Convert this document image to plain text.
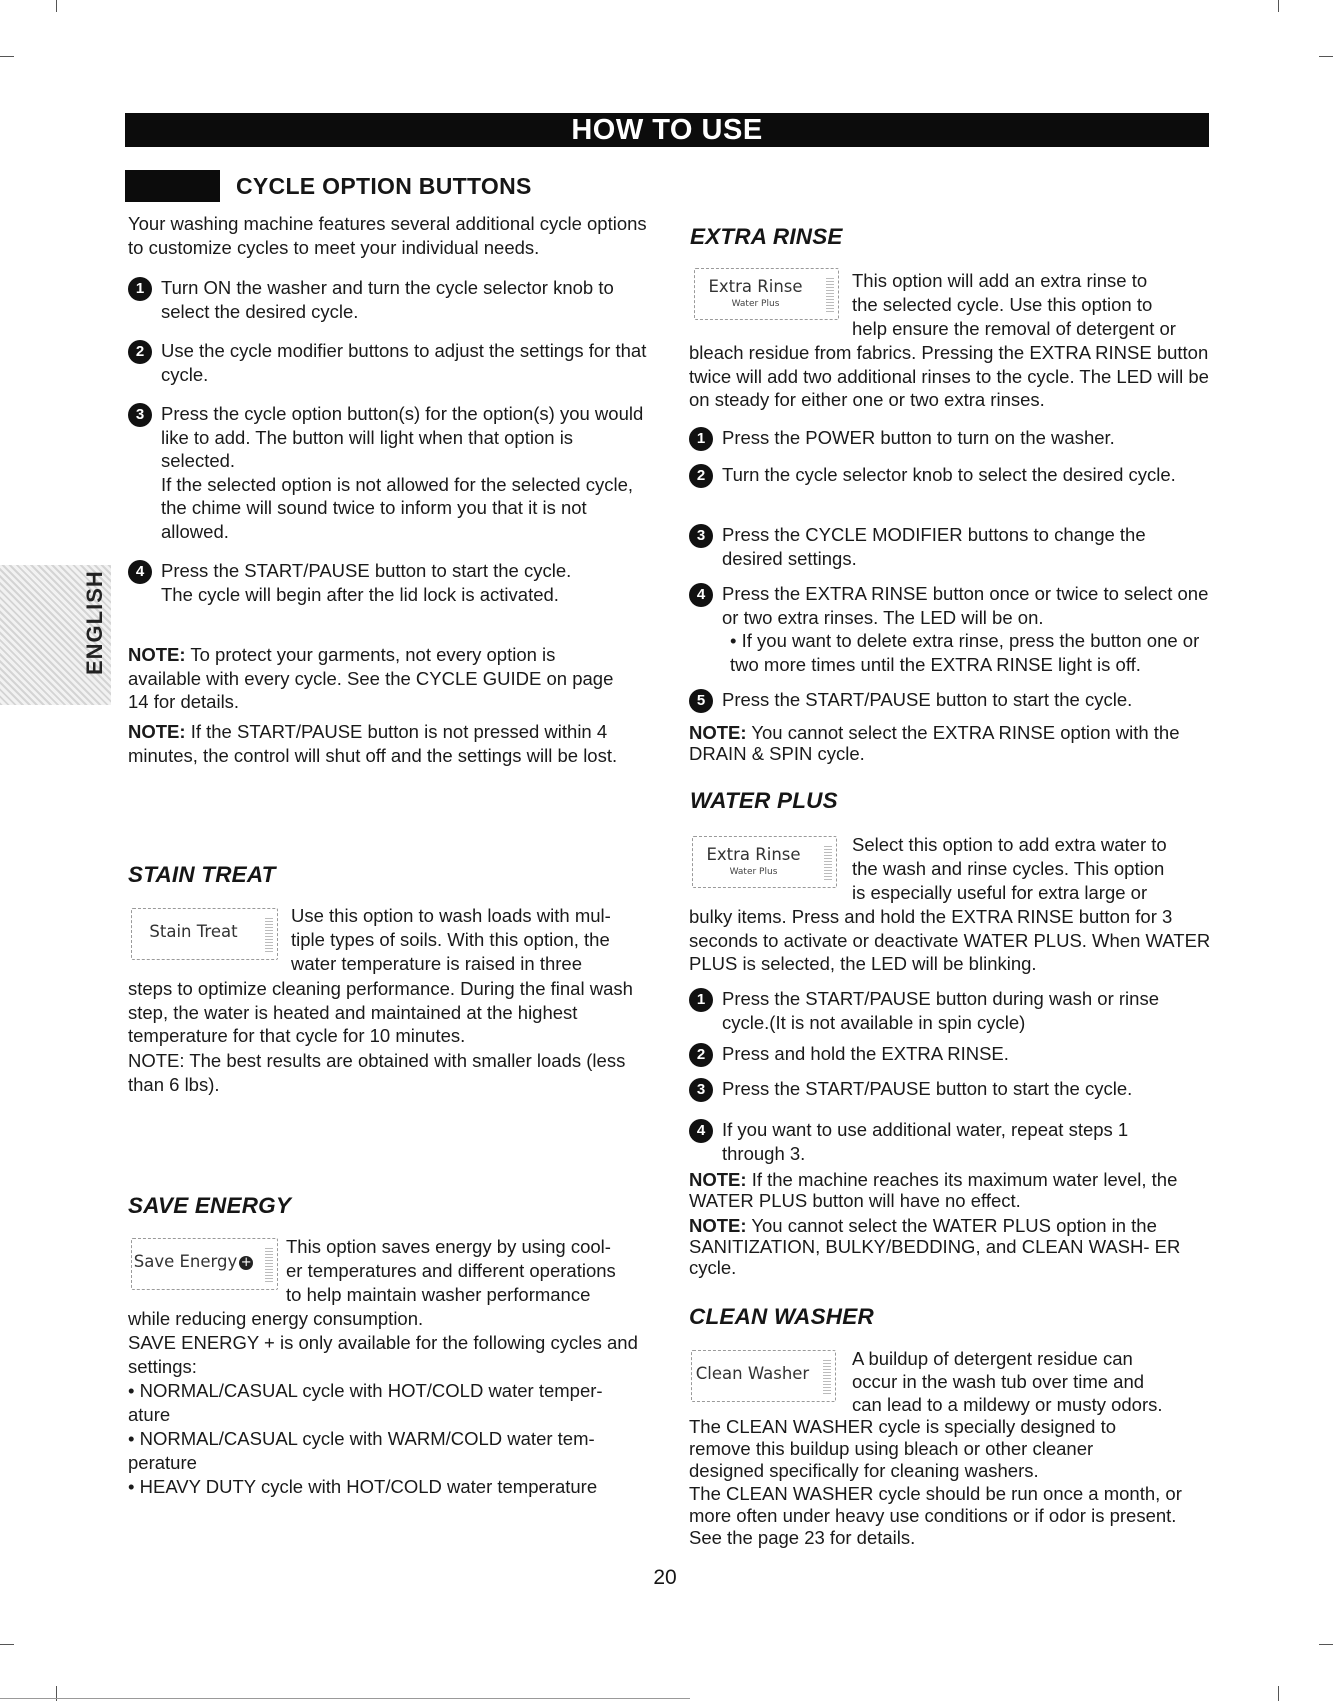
HOW TO USE
CYCLE OPTION BUTTONS
ENGLISH
Your washing machine features several additional cycle options to customize cycles to meet your individual needs.
1 Turn ON the washer and turn the cycle selector knob to select the desired cycle.
2 Use the cycle modifier buttons to adjust the settings for that cycle.
3 Press the cycle option button(s) for the option(s) you would like to add. The button will light when that option is selected.
If the selected option is not allowed for the selected cycle, the chime will sound twice to inform you that it is not allowed.
4 Press the START/PAUSE button to start the cycle. The cycle will begin after the lid lock is activated.
NOTE: To protect your garments, not every option is available with every cycle. See the CYCLE GUIDE on page 14 for details.
NOTE: If the START/PAUSE button is not pressed within 4 minutes, the control will shut off and the settings will be lost.
STAIN TREAT
Stain Treat
Use this option to wash loads with mul-
tiple types of soils. With this option, the
water temperature is raised in three
steps to optimize cleaning performance. During the final wash step, the water is heated and maintained at the highest temperature for that cycle for 10 minutes.
NOTE: The best results are obtained with smaller loads (less than 6 lbs).
SAVE ENERGY
Save Energy +
This option saves energy by using cool-
er temperatures and different operations
to help maintain washer performance
while reducing energy consumption.
SAVE ENERGY + is only available for the following cycles and settings:
• NORMAL/CASUAL cycle with HOT/COLD water temper- ature
• NORMAL/CASUAL cycle with WARM/COLD water tem- perature
• HEAVY DUTY cycle with HOT/COLD water temperature
EXTRA RINSE
Extra Rinse
Water Plus
This option will add an extra rinse to
the selected cycle. Use this option to
help ensure the removal of detergent or
bleach residue from fabrics. Pressing the EXTRA RINSE button twice will add two additional rinses to the cycle. The LED will be on steady for either one or two extra rinses.
1 Press the POWER button to turn on the washer.
2 Turn the cycle selector knob to select the desired cycle.
3 Press the CYCLE MODIFIER buttons to change the desired settings.
4 Press the EXTRA RINSE button once or twice to select one or two extra rinses. The LED will be on.
• If you want to delete extra rinse, press the button one or two more times until the EXTRA RINSE light is off.
5 Press the START/PAUSE button to start the cycle.
NOTE: You cannot select the EXTRA RINSE option with the DRAIN & SPIN cycle.
WATER PLUS
Extra Rinse
Water Plus
Select this option to add extra water to
the wash and rinse cycles. This option
is especially useful for extra large or
bulky items. Press and hold the EXTRA RINSE button for 3 seconds to activate or deactivate WATER PLUS. When WATER PLUS is selected, the LED will be blinking.
1 Press the START/PAUSE button during wash or rinse cycle.(It is not available in spin cycle)
2 Press and hold the EXTRA RINSE.
3 Press the START/PAUSE button to start the cycle.
4 If you want to use additional water, repeat steps 1 through 3.
NOTE: If the machine reaches its maximum water level, the WATER PLUS button will have no effect.
NOTE: You cannot select the WATER PLUS option in the SANITIZATION, BULKY/BEDDING, and CLEAN WASH- ER cycle.
CLEAN WASHER
Clean Washer
A buildup of detergent residue can
occur in the wash tub over time and
can lead to a mildewy or musty odors.
The CLEAN WASHER cycle is specially designed to remove this buildup using bleach or other cleaner designed specifically for cleaning washers.
The CLEAN WASHER cycle should be run once a month, or more often under heavy use conditions or if odor is present. See the page 23 for details.
20
